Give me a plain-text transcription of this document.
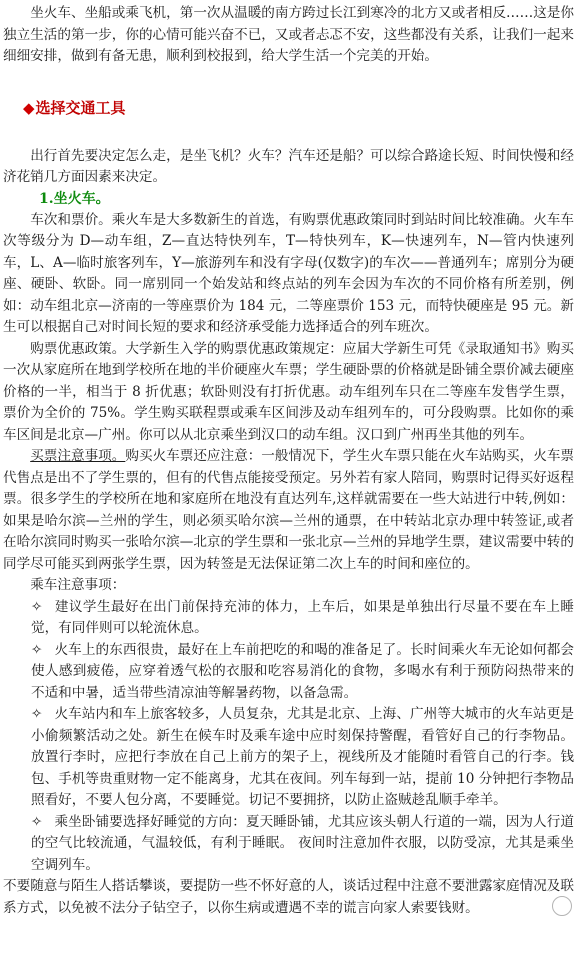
坐火车、坐船或乘飞机，第一次从温暖的南方跨过长江到寒冷的北方又或者相反……这是你独立生活的第一步，你的心情可能兴奋不已，又或者忐忑不安，这些都没有关系，让我们一起来细细安排，做到有备无患，顺利到校报到，给大学生活一个完美的开始。

◆选择交通工具

出行首先要决定怎么走，是坐飞机？火车？汽车还是船？可以综合路途长短、时间快慢和经济花销几方面因素来决定。

1.坐火车。

车次和票价。乘火车是大多数新生的首选，有购票优惠政策同时到站时间比较准确。火车车次等级分为 D—动车组，Z—直达特快列车，T—特快列车，K—快速列车，N—管内快速列车，L、A—临时旅客列车，Y—旅游列车和没有字母(仅数字)的车次——普通列车；席别分为硬座、硬卧、软卧。同一席别同一个始发站和终点站的列车会因为车次的不同价格有所差别，例如：动车组北京—济南的一等座票价为 184 元，二等座票价 153 元，而特快硬座是 95 元。新生可以根据自己对时间长短的要求和经济承受能力选择适合的列车班次。

购票优惠政策。大学新生入学的购票优惠政策规定：应届大学新生可凭《录取通知书》购买一次从家庭所在地到学校所在地的半价硬座火车票；学生硬卧票的价格就是卧铺全票价减去硬座价格的一半，相当于 8 折优惠；软卧则没有打折优惠。动车组列车只在二等座车发售学生票，票价为全价的 75%。学生购买联程票或乘车区间涉及动车组列车的，可分段购票。比如你的乘车区间是北京—广州。你可以从北京乘坐到汉口的动车组。汉口到广州再坐其他的列车。

买票注意事项。购买火车票还应注意：一般情况下，学生火车票只能在火车站购买，火车票代售点是出不了学生票的，但有的代售点能接受预定。另外若有家人陪同，购票时记得买好返程票。很多学生的学校所在地和家庭所在地没有直达列车,这样就需要在一些大站进行中转,例如：如果是哈尔滨—兰州的学生，则必须买哈尔滨—兰州的通票，在中转站北京办理中转签证,或者在哈尔滨同时购买一张哈尔滨—北京的学生票和一张北京—兰州的异地学生票，建议需要中转的同学尽可能买到两张学生票，因为转签是无法保证第二次上车的时间和座位的。

乘车注意事项：

✧ 建议学生最好在出门前保持充沛的体力，上车后，如果是单独出行尽量不要在车上睡觉，有同伴则可以轮流休息。

✧ 火车上的东西很贵，最好在上车前把吃的和喝的准备足了。长时间乘火车无论如何都会使人感到疲倦，应穿着透气松的衣服和吃容易消化的食物，多喝水有利于预防闷热带来的不适和中暑，适当带些清凉油等解暑药物，以备急需。

✧ 火车站内和车上旅客较多，人员复杂，尤其是北京、上海、广州等大城市的火车站更是小偷频繁活动之处。新生在候车时及乘车途中应时刻保持警醒，看管好自己的行李物品。放置行李时，应把行李放在自己上前方的架子上，视线所及才能随时看管自己的行李。钱包、手机等贵重财物一定不能离身，尤其在夜间。列车每到一站，提前 10 分钟把行李物品照看好，不要人包分离，不要睡觉。切记不要拥挤，以防止盗贼趁乱顺手牵羊。

✧ 乘坐卧铺要选择好睡觉的方向：夏天睡卧铺，尤其应该头朝人行道的一端，因为人行道的空气比较流通，气温较低，有利于睡眠。 夜间时注意加件衣服，以防受凉，尤其是乘坐空调列车。

不要随意与陌生人搭话攀谈，要提防一些不怀好意的人，谈话过程中注意不要泄露家庭情况及联系方式，以免被不法分子钻空子，以你生病或遭遇不幸的谎言向家人索要钱财。
